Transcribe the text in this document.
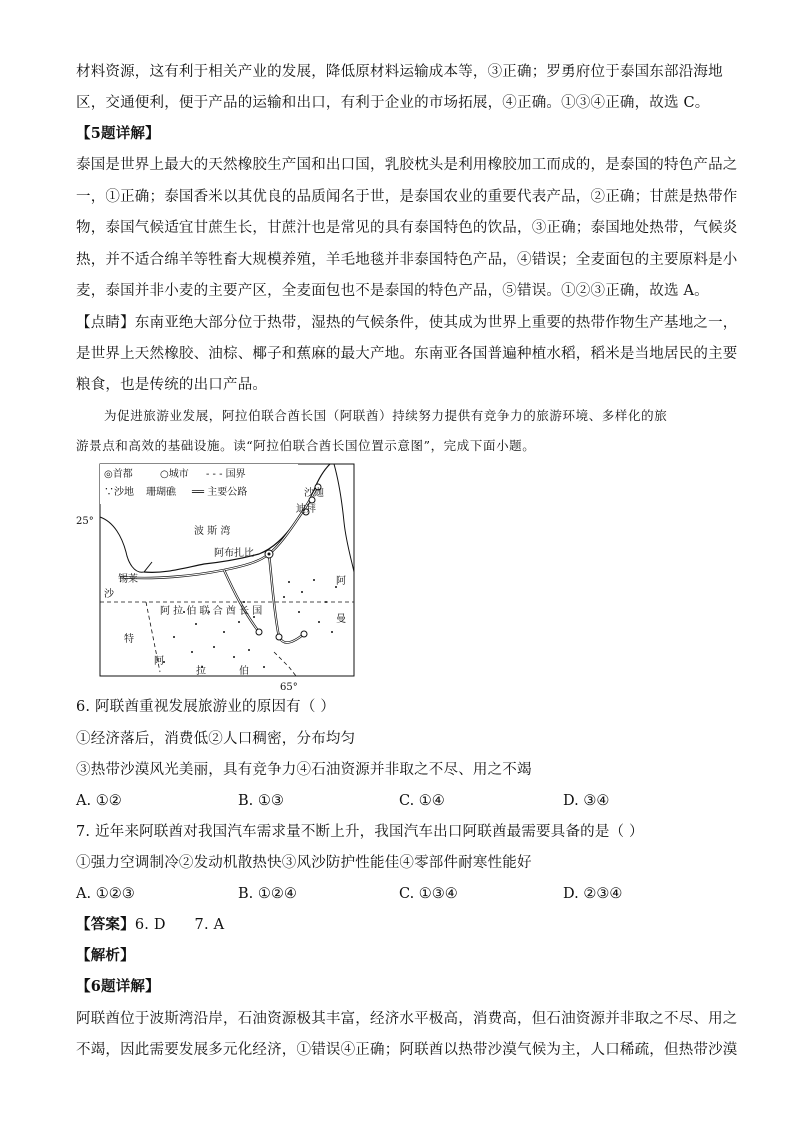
材料资源，这有利于相关产业的发展，降低原材料运输成本等，③正确；罗勇府位于泰国东部沿海地
区，交通便利，便于产品的运输和出口，有利于企业的市场拓展，④正确。①③④正确，故选 C。
【5题详解】
泰国是世界上最大的天然橡胶生产国和出口国，乳胶枕头是利用橡胶加工而成的，是泰国的特色产品之
一，①正确；泰国香米以其优良的品质闻名于世，是泰国农业的重要代表产品，②正确；甘蔗是热带作
物，泰国气候适宜甘蔗生长，甘蔗汁也是常见的具有泰国特色的饮品，③正确；泰国地处热带，气候炎
热，并不适合绵羊等牲畜大规模养殖，羊毛地毯并非泰国特色产品，④错误；全麦面包的主要原料是小
麦，泰国并非小麦的主要产区，全麦面包也不是泰国的特色产品，⑤错误。①②③正确，故选 A。
【点睛】东南亚绝大部分位于热带，湿热的气候条件，使其成为世界上重要的热带作物生产基地之一，
是世界上天然橡胶、油棕、椰子和蕉麻的最大产地。东南亚各国普遍种植水稻，稻米是当地居民的主要
粮食，也是传统的出口产品。
为促进旅游业发展，阿拉伯联合酋长国（阿联酋）持续努力提供有竞争力的旅游环境、多样化的旅
游景点和高效的基础设施。读“阿拉伯联合酋长国位置示意图”，完成下面小题。
◎首都	○城市 - - - 国界
∵沙地 珊瑚礁 ══ 主要公路
25°
65°
波 斯 湾
阿布扎比
沙迦
迪拜
锡莱
沙
阿 拉 伯 联 合 酋 长 国
阿
曼
特
阿
拉	伯
6. 阿联酋重视发展旅游业的原因有（ ）
①经济落后，消费低②人口稠密，分布均匀
③热带沙漠风光美丽，具有竞争力④石油资源并非取之不尽、用之不竭
A. ①②	B. ①③	C. ①④	D. ③④
7. 近年来阿联酋对我国汽车需求量不断上升，我国汽车出口阿联酋最需要具备的是（ ）
①强力空调制冷②发动机散热快③风沙防护性能佳④零部件耐寒性能好
A. ①②③	B. ①②④	C. ①③④	D. ②③④
【答案】6. D      7. A
【解析】
【6题详解】
阿联酋位于波斯湾沿岸，石油资源极其丰富，经济水平极高，消费高，但石油资源并非取之不尽、用之
不竭，因此需要发展多元化经济，①错误④正确；阿联酋以热带沙漠气候为主，人口稀疏，但热带沙漠
